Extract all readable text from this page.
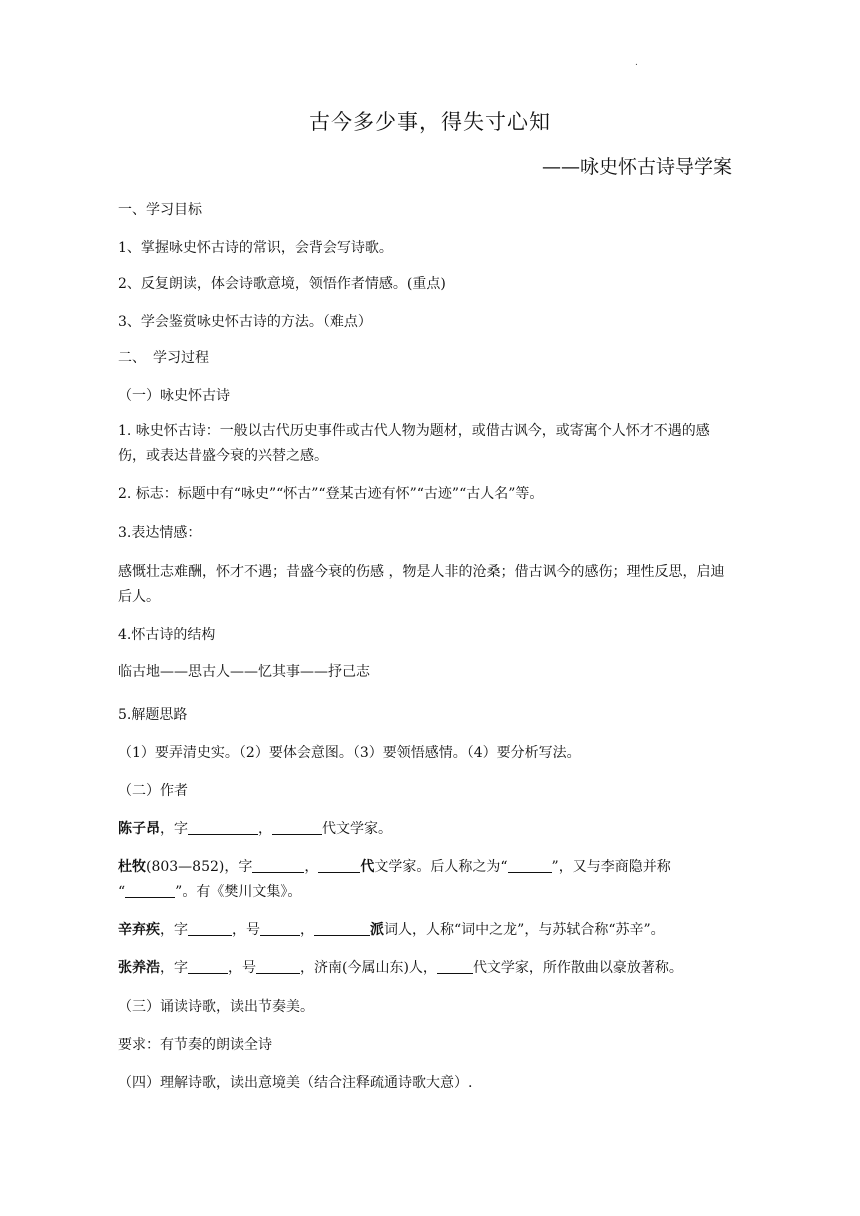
.
古今多少事，得失寸心知
——咏史怀古诗导学案
一、学习目标
1、掌握咏史怀古诗的常识，会背会写诗歌。
2、反复朗读，体会诗歌意境，领悟作者情感。(重点)
3、学会鉴赏咏史怀古诗的方法。（难点）
二、　学习过程
（一）咏史怀古诗
1. 咏史怀古诗：一般以古代历史事件或古代人物为题材，或借古讽今，或寄寓个人怀才不遇的感伤，或表达昔盛今衰的兴替之感。
2. 标志：标题中有“咏史”“怀古”“登某古迹有怀”“古迹”“古人名”等。
3.表达情感：
感慨壮志难酬，怀才不遇；昔盛今衰的伤感 ，物是人非的沧桑；借古讽今的感伤；理性反思，启迪后人。
4.怀古诗的结构
临古地——思古人——忆其事——抒己志
5.解题思路
（1）要弄清史实。（2）要体会意图。（3）要领悟感情。（4）要分析写法。
（二）作者
陈子昂，字	，	代文学家。
杜牧(803—852)，字	，	代文学家。后人称之为“	”，又与李商隐并称
“	”。有《樊川文集》。
辛弃疾，字	，号	，	派词人，人称“词中之龙”，与苏轼合称“苏辛”。
张养浩，字	，号	，济南(今属山东)人，	代文学家，所作散曲以豪放著称。
（三）诵读诗歌，读出节奏美。
要求：有节奏的朗读全诗
（四）理解诗歌，读出意境美（结合注释疏通诗歌大意）.
